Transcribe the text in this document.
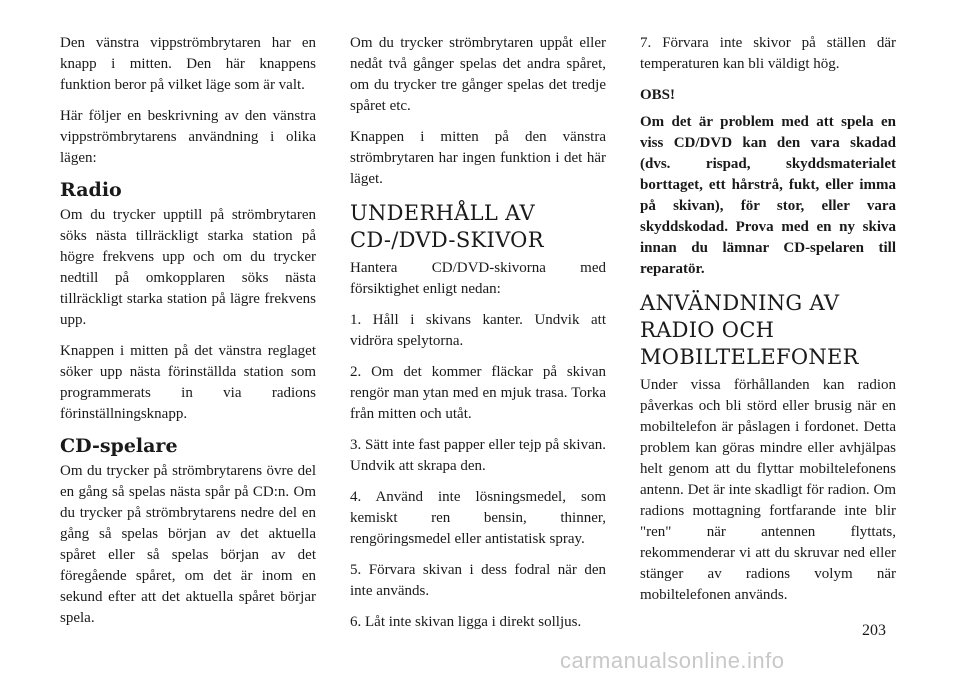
Den vänstra vippströmbrytaren har en knapp i mitten. Den här knappens funktion beror på vilket läge som är valt.

Här följer en beskrivning av den vänstra vippströmbrytarens användning i olika lägen:

Radio

Om du trycker upptill på strömbrytaren söks nästa tillräckligt starka station på högre frekvens upp och om du trycker nedtill på omkopplaren söks nästa tillräckligt starka station på lägre frekvens upp.

Knappen i mitten på det vänstra reglaget söker upp nästa förinställda station som programmerats in via radions förinställningsknapp.

CD-spelare

Om du trycker på strömbrytarens övre del en gång så spelas nästa spår på CD:n. Om du trycker på strömbrytarens nedre del en gång så spelas början av det aktuella spåret eller så spelas början av det föregående spåret, om det är inom en sekund efter att det aktuella spåret börjar spela.

Om du trycker strömbrytaren uppåt eller nedåt två gånger spelas det andra spåret, om du trycker tre gånger spelas det tredje spåret etc.

Knappen i mitten på den vänstra strömbrytaren har ingen funktion i det här läget.

UNDERHÅLL AV CD-/DVD-SKIVOR

Hantera CD/DVD-skivorna med försiktighet enligt nedan:

1. Håll i skivans kanter. Undvik att vidröra spelytorna.

2. Om det kommer fläckar på skivan rengör man ytan med en mjuk trasa. Torka från mitten och utåt.

3. Sätt inte fast papper eller tejp på skivan. Undvik att skrapa den.

4. Använd inte lösningsmedel, som kemiskt ren bensin, thinner, rengöringsmedel eller antistatisk spray.

5. Förvara skivan i dess fodral när den inte används.

6. Låt inte skivan ligga i direkt solljus.

7. Förvara inte skivor på ställen där temperaturen kan bli väldigt hög.

OBS!

Om det är problem med att spela en viss CD/DVD kan den vara skadad (dvs. rispad, skyddsmaterialet borttaget, ett hårstrå, fukt, eller imma på skivan), för stor, eller vara skyddskodad. Prova med en ny skiva innan du lämnar CD-spelaren till reparatör.

ANVÄNDNING AV RADIO OCH MOBILTELEFONER

Under vissa förhållanden kan radion påverkas och bli störd eller brusig när en mobiltelefon är påslagen i fordonet. Detta problem kan göras mindre eller avhjälpas helt genom att du flyttar mobiltelefonens antenn. Det är inte skadligt för radion. Om radions mottagning fortfarande inte blir "ren" när antennen flyttats, rekommenderar vi att du skruvar ned eller stänger av radions volym när mobiltelefonen används.

203
carmanualsonline.info
